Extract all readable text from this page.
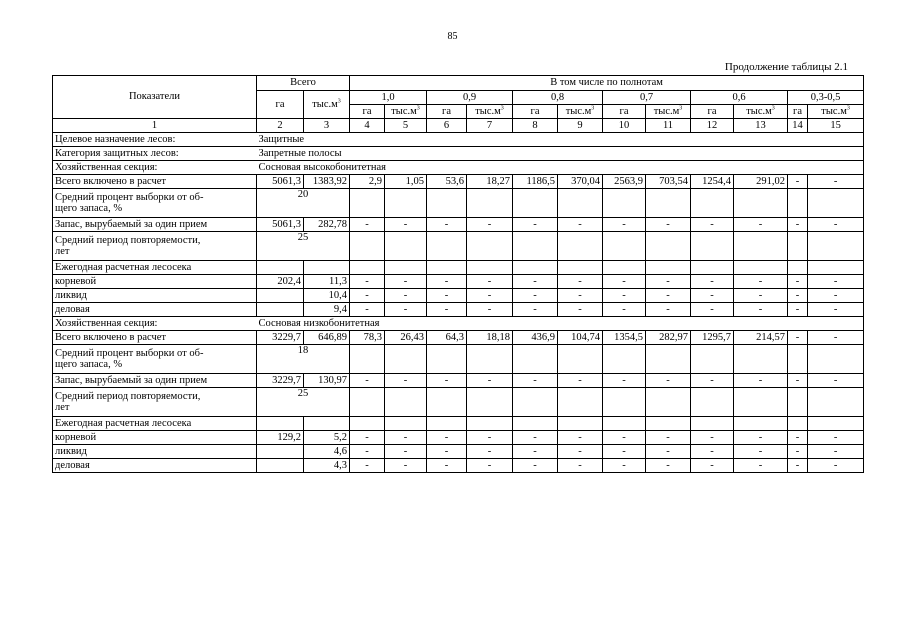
85
Продолжение таблицы 2.1
Показатели	Всего		В том числе по полнотам											
	га	$тыс.м^3$	1,0		0,9		0,8		0,7		0,6		0,3-0,5	
			га	$тыс.м^3$	га	$тыс.м^3$	га	$тыс.м^3$	га	$тыс.м^3$	га	$тыс.м^3$	га	$тыс.м^3$
1	2	3	4	5	6	7	8	9	10	11	12	13	14	15
Целевое назначение лесов:	Защитные													
Категория защитных лесов:	Запретные полосы													
Хозяйственная секция:	Сосновая высокобонитетная													
Всего включено в расчет	5061,3	1383,92	2,9	1,05	53,6	18,27	1186,5	370,04	2563,9	703,54	1254,4	291,02	-	-

Средний процент выборки от об-
щего запаса, %	20													
Запас, вырубаемый за один прием	5061,3	282,78	-	-	-	-	-	-	-	-	-	-	-	-

Средний период повторяемости,
лет	25													
Ежегодная расчетная лесосека														
корневой	202,4	11,3	-	-	-	-	-	-	-	-	-	-	-	-
ликвид		10,4	-	-	-	-	-	-	-	-	-	-	-	-
деловая		9,4	-	-	-	-	-	-	-	-	-	-	-	-
Хозяйственная секция:	Сосновая низкобонитетная													
Всего включено в расчет	3229,7	646,89	78,3	26,43	64,3	18,18	436,9	104,74	1354,5	282,97	1295,7	214,57	-	-

Средний процент выборки от об-
щего запаса, %	18													
Запас, вырубаемый за один прием	3229,7	130,97	-	-	-	-	-	-	-	-	-	-	-	-

Средний период повторяемости,
лет	25													
Ежегодная расчетная лесосека														
корневой	129,2	5,2	-	-	-	-	-	-	-	-	-	-	-	-
ликвид		4,6	-	-	-	-	-	-	-	-	-	-	-	-
деловая		4,3	-	-	-	-	-	-	-	-	-	-	-	-
